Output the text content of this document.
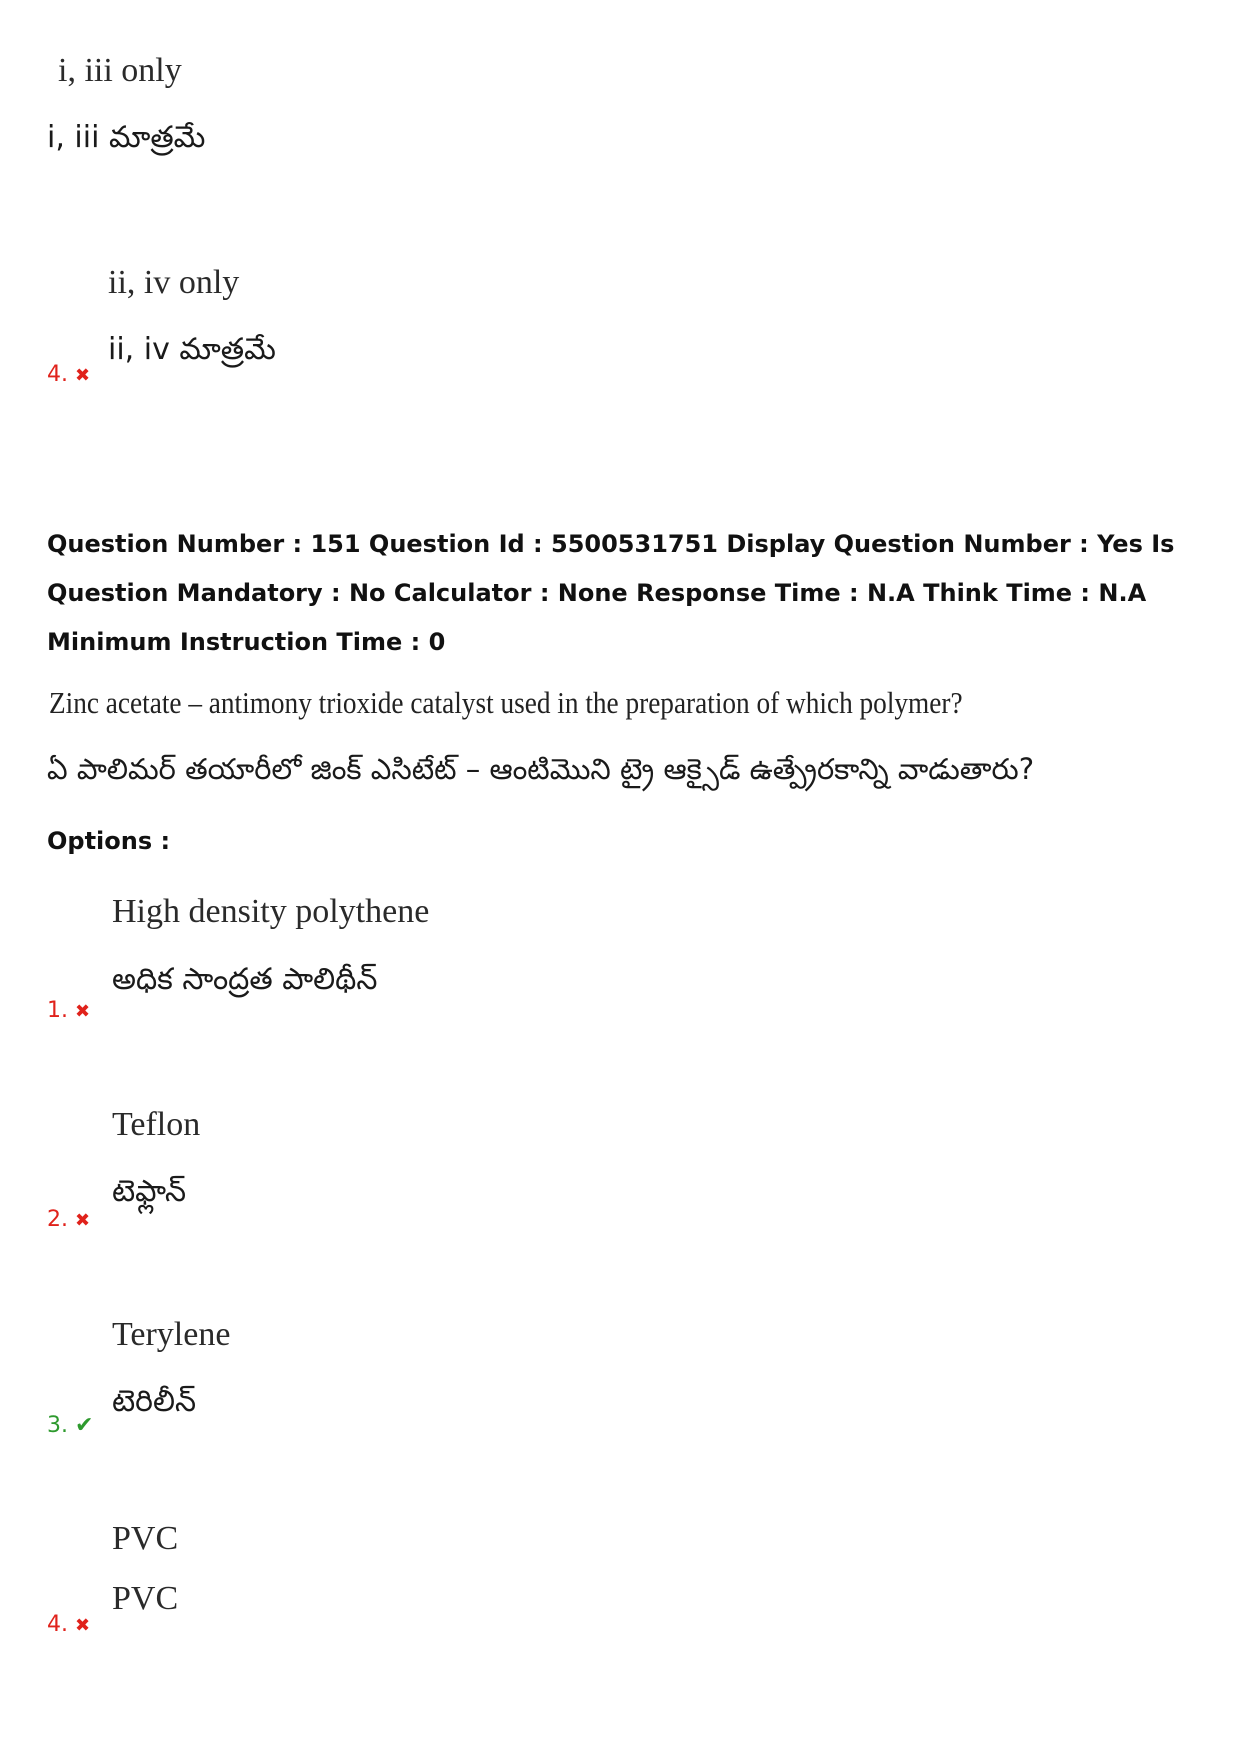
i, iii only
i, iii మాత్రమే
ii, iv only
ii, iv మాత్రమే
4. ✖
Question Number : 151 Question Id : 5500531751 Display Question Number : Yes Is Question Mandatory : No Calculator : None Response Time : N.A Think Time : N.A Minimum Instruction Time : 0
Zinc acetate – antimony trioxide catalyst used in the preparation of which polymer?
ఏ పాలిమర్ తయారీలో జింక్ ఎసిటేట్ – ఆంటిమొని ట్రై ఆక్సైడ్ ఉత్ప్రేరకాన్ని వాడుతారు?
Options :
High density polythene
అధిక సాంద్రత పాలిథీన్
1. ✖
Teflon
టెఫ్లాన్
2. ✖
Terylene
టెరిలీన్
3. ✔
PVC
PVC
4. ✖
